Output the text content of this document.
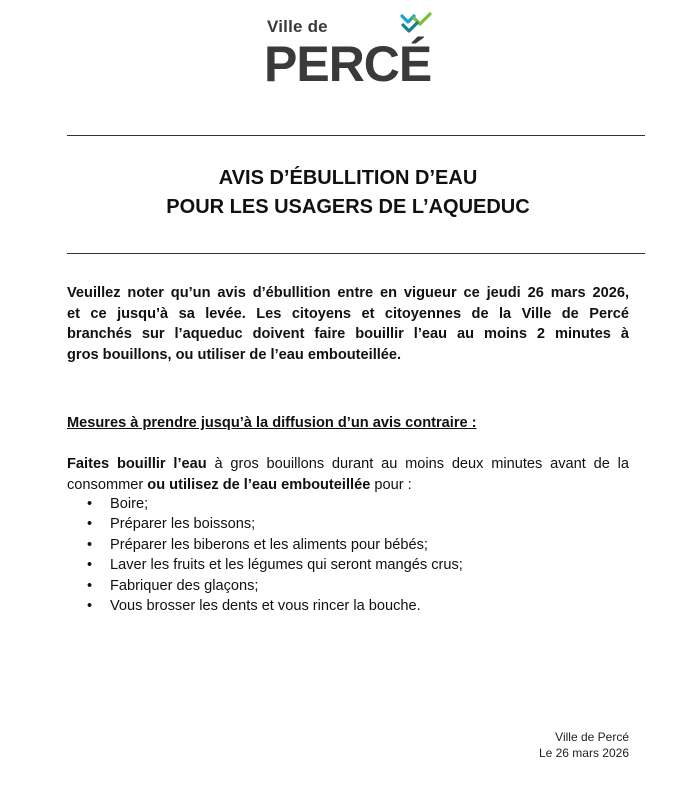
Ville de
PERCÉ
AVIS D’ÉBULLITION D’EAU
POUR LES USAGERS DE L’AQUEDUC
Veuillez noter qu’un avis d’ébullition entre en vigueur ce jeudi 26 mars 2026,
et ce jusqu’à sa levée. Les citoyens et citoyennes de la Ville de Percé
branchés sur l’aqueduc doivent faire bouillir l’eau au moins 2 minutes à
gros bouillons, ou utiliser de l’eau embouteillée.
Mesures à prendre jusqu’à la diffusion d’un avis contraire :
Faites bouillir l’eau à gros bouillons durant au moins deux minutes avant de la
consommer ou utilisez de l’eau embouteillée pour :
• Boire;
• Préparer les boissons;
• Préparer les biberons et les aliments pour bébés;
• Laver les fruits et les légumes qui seront mangés crus;
• Fabriquer des glaçons;
• Vous brosser les dents et vous rincer la bouche.
Ville de Percé
Le 26 mars 2026
